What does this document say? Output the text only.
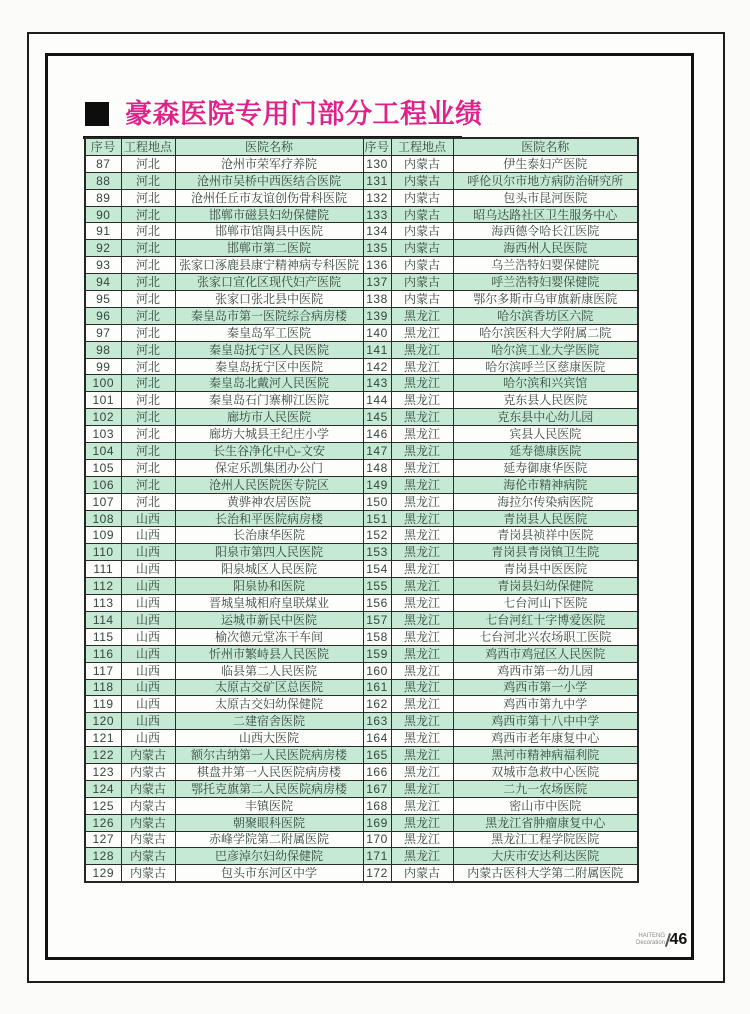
豪森医院专用门部分工程业绩
序号	工程地点	医院名称	序号	工程地点	医院名称
87	河北	沧州市荣军疗养院	130	内蒙古	伊生泰妇产医院
88	河北	沧州市吴桥中西医结合医院	131	内蒙古	呼伦贝尔市地方病防治研究所
89	河北	沧州任丘市友谊创伤骨科医院	132	内蒙古	包头市昆河医院
90	河北	邯郸市磁县妇幼保健院	133	内蒙古	昭乌达路社区卫生服务中心
91	河北	邯郸市馆陶县中医院	134	内蒙古	海西德令哈长江医院
92	河北	邯郸市第二医院	135	内蒙古	海西州人民医院
93	河北	张家口涿鹿县康宁精神病专科医院	136	内蒙古	乌兰浩特妇婴保健院
94	河北	张家口宣化区现代妇产医院	137	内蒙古	呼兰浩特妇婴保健院
95	河北	张家口张北县中医院	138	内蒙古	鄂尔多斯市乌审旗新康医院
96	河北	秦皇岛市第一医院综合病房楼	139	黑龙江	哈尔滨香坊区六院
97	河北	秦皇岛军工医院	140	黑龙江	哈尔滨医科大学附属二院
98	河北	秦皇岛抚宁区人民医院	141	黑龙江	哈尔滨工业大学医院
99	河北	秦皇岛抚宁区中医院	142	黑龙江	哈尔滨呼兰区慈康医院
100	河北	秦皇岛北戴河人民医院	143	黑龙江	哈尔滨和兴宾馆
101	河北	秦皇岛石门寨柳江医院	144	黑龙江	克东县人民医院
102	河北	廊坊市人民医院	145	黑龙江	克东县中心幼儿园
103	河北	廊坊大城县王纪庄小学	146	黑龙江	宾县人民医院
104	河北	长生谷净化中心-文安	147	黑龙江	延寿德康医院
105	河北	保定乐凯集团办公门	148	黑龙江	延寿御康华医院
106	河北	沧州人民医院医专院区	149	黑龙江	海伦市精神病院
107	河北	黄骅神农居医院	150	黑龙江	海拉尔传染病医院
108	山西	长治和平医院病房楼	151	黑龙江	青岗县人民医院
109	山西	长治康华医院	152	黑龙江	青岗县祯祥中医院
110	山西	阳泉市第四人民医院	153	黑龙江	青岗县青岗镇卫生院
111	山西	阳泉城区人民医院	154	黑龙江	青岗县中医医院
112	山西	阳泉协和医院	155	黑龙江	青岗县妇幼保健院
113	山西	晋城皇城相府皇联煤业	156	黑龙江	七台河山下医院
114	山西	运城市新民中医院	157	黑龙江	七台河红十字博爱医院
115	山西	榆次德元堂冻干车间	158	黑龙江	七台河北兴农场职工医院
116	山西	忻州市繁峙县人民医院	159	黑龙江	鸡西市鸡冠区人民医院
117	山西	临县第二人民医院	160	黑龙江	鸡西市第一幼儿园
118	山西	太原古交矿区总医院	161	黑龙江	鸡西市第一小学
119	山西	太原古交妇幼保健院	162	黑龙江	鸡西市第九中学
120	山西	二建宿舍医院	163	黑龙江	鸡西市第十八中中学
121	山西	山西大医院	164	黑龙江	鸡西市老年康复中心
122	内蒙古	额尔古纳第一人民医院病房楼	165	黑龙江	黑河市精神病福利院
123	内蒙古	棋盘井第一人民医院病房楼	166	黑龙江	双城市急救中心医院
124	内蒙古	鄂托克旗第二人民医院病房楼	167	黑龙江	二九一农场医院
125	内蒙古	丰镇医院	168	黑龙江	密山市中医院
126	内蒙古	朝聚眼科医院	169	黑龙江	黑龙江省肿瘤康复中心
127	内蒙古	赤峰学院第二附属医院	170	黑龙江	黑龙江工程学院医院
128	内蒙古	巴彦淖尔妇幼保健院	171	黑龙江	大庆市安达利达医院
129	内蒙古	包头市东河区中学	172	内蒙古	内蒙古医科大学第二附属医院
HAITENG
Decoration 46
